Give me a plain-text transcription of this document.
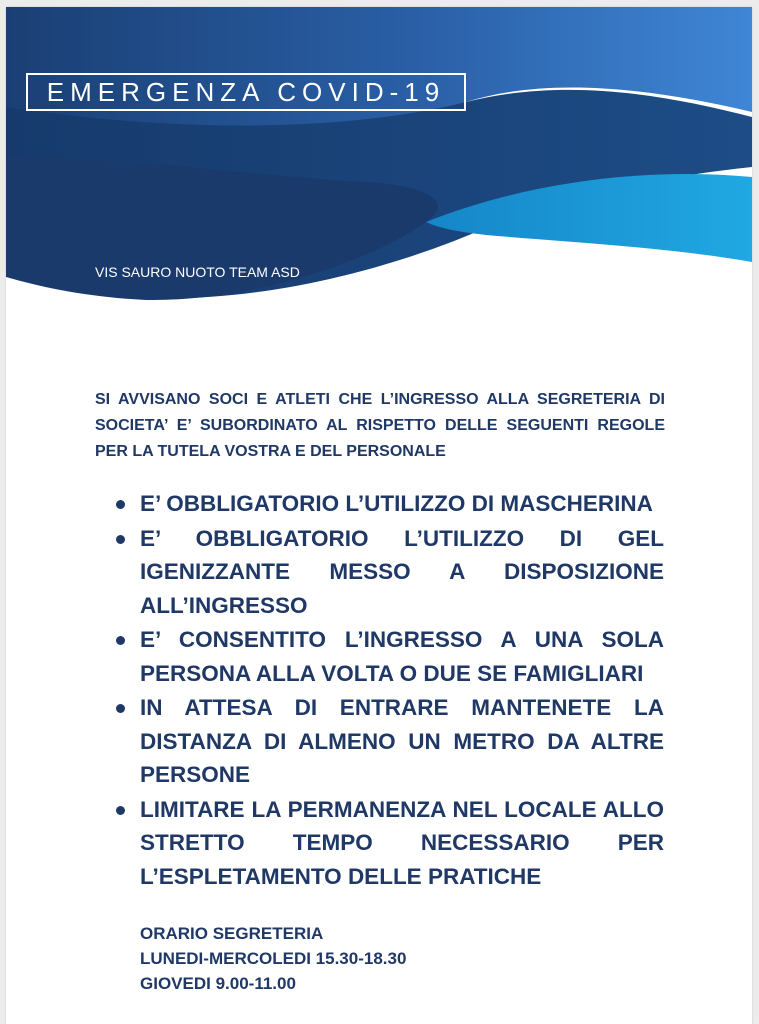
EMERGENZA COVID-19
VIS SAURO NUOTO TEAM ASD
SI AVVISANO SOCI E ATLETI CHE L’INGRESSO ALLA SEGRETERIA DI SOCIETA’ E’ SUBORDINATO AL RISPETTO DELLE SEGUENTI REGOLE PER LA TUTELA VOSTRA E DEL PERSONALE
E’ OBBLIGATORIO L’UTILIZZO DI MASCHERINA
E’ OBBLIGATORIO L’UTILIZZO DI GEL IGENIZZANTE MESSO A DISPOSIZIONE ALL’INGRESSO
E’ CONSENTITO L’INGRESSO A UNA SOLA PERSONA ALLA VOLTA O DUE SE FAMIGLIARI
IN ATTESA DI ENTRARE MANTENETE LA DISTANZA DI ALMENO UN METRO DA ALTRE PERSONE
LIMITARE LA PERMANENZA NEL LOCALE ALLO STRETTO TEMPO NECESSARIO PER L’ESPLETAMENTO DELLE PRATICHE
ORARIO SEGRETERIA
LUNEDI-MERCOLEDI 15.30-18.30
GIOVEDI 9.00-11.00
